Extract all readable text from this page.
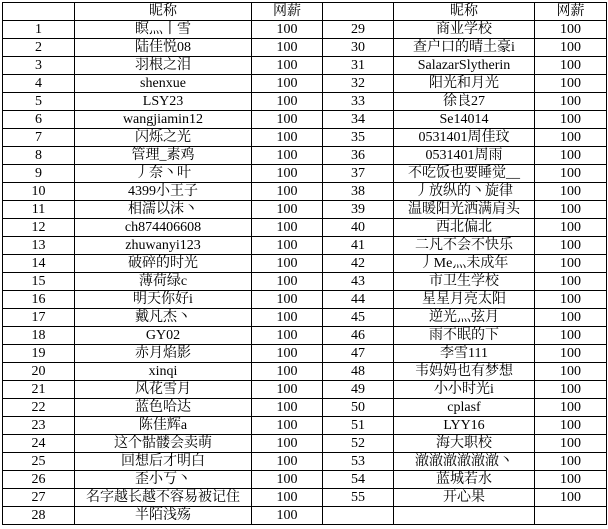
	昵称	网薪		昵称	网薪
1	瞑灬丨雪	100	29	商业学校	100
2	陆佳悦08	100	30	查户口的晴土豪i	100
3	羽根之泪	100	31	SalazarSlytherin	100
4	shenxue	100	32	阳光和月光	100
5	LSY23	100	33	徐良27	100
6	wangjiamin12	100	34	Se14014	100
7	闪烁之光	100	35	0531401周佳玟	100
8	管理_素鸡	100	36	0531401周雨	100
9	丿奈丶叶	100	37	不吃饭也要睡觉__	100
10	4399小王子	100	38	丿放纵的丶旋律	100
11	相濡以沫丶	100	39	温暖阳光洒满肩头	100
12	ch874406608	100	40	西北偏北	100
13	zhuwanyi123	100	41	二凡不会不快乐	100
14	破碎的时光	100	42	丿Me灬未成年	100
15	薄荷绿c	100	43	市卫生学校	100
16	明天你好i	100	44	星星月亮太阳	100
17	戴凡杰丶	100	45	逆光灬弦月	100
18	GY02	100	46	雨不眠的下	100
19	赤月焰影	100	47	李雪111	100
20	xinqi	100	48	韦妈妈也有梦想	100
21	风花雪月	100	49	小小时光i	100
22	蓝色哈达	100	50	cplasf	100
23	陈佳辉a	100	51	LYY16	100
24	这个骷髅会卖萌	100	52	海大职校	100
25	回想后才明白	100	53	澈澈澈澈澈澈丶	100
26	歪小丂丶	100	54	蓝城若水	100
27	名字越长越不容易被记住	100	55	开心果	100
28	半陌浅殇	100			
